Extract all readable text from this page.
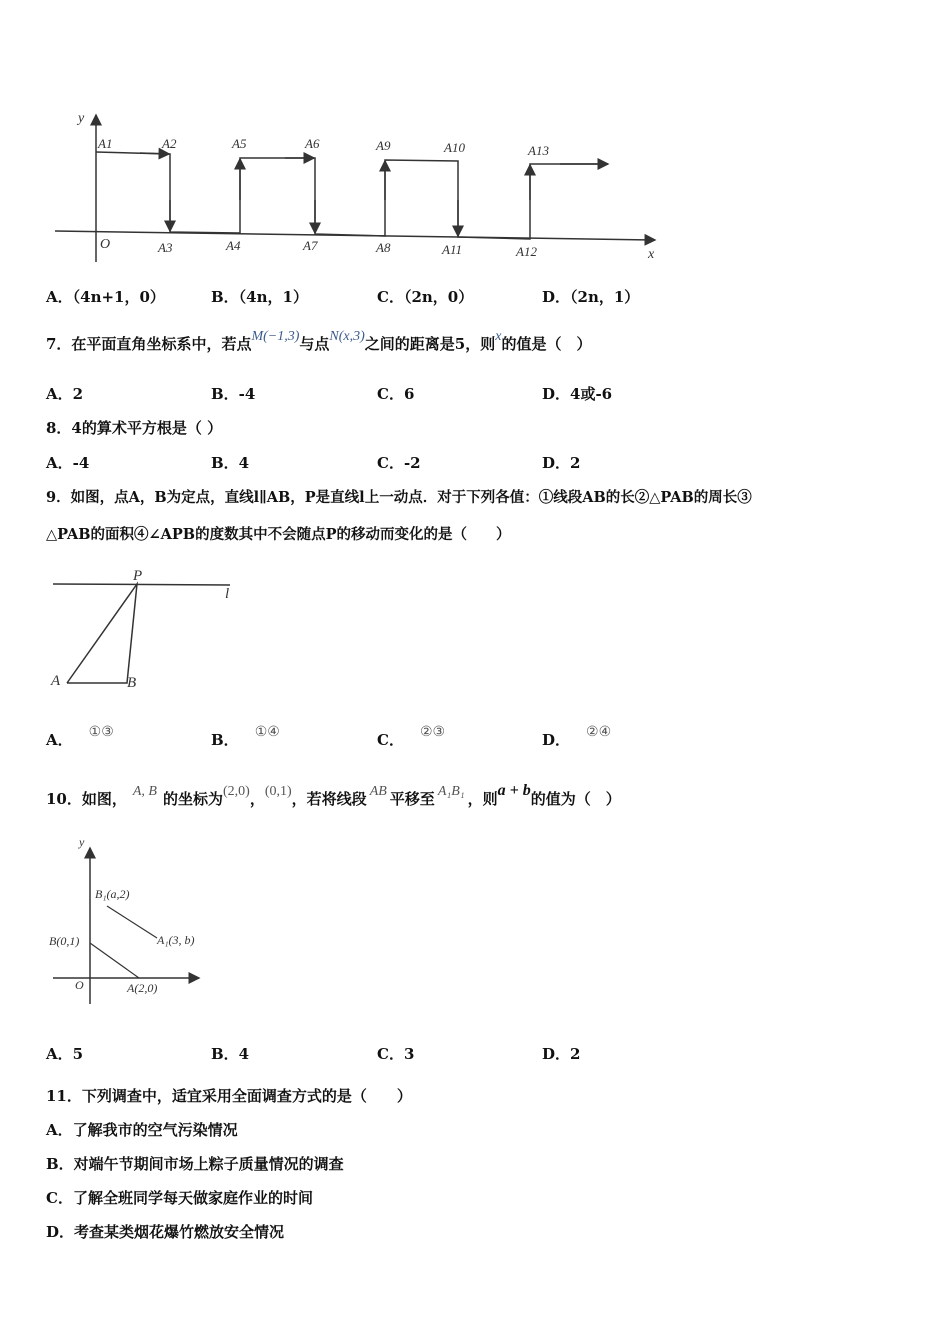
y
x
O
A1	A2
A3	A4
A5	A6
A7	A8
A9	A10
A11	A12
A13
A．（4n+1，0）	B．（4n，1）	C．（2n，0）	D．（2n，1）
7．在平面直角坐标系中，若点M(−1,3)与点N(x,3)之间的距离是5，则x的值是（　）
A．2	B．-4	C．6	D．4或-6
8．4的算术平方根是（ ）
A．-4	B．4	C．-2	D．2
9．如图，点A，B为定点，直线l∥AB，P是直线l上一动点．对于下列各值：①线段AB的长②△PAB的周长③
△PAB的面积④∠APB的度数其中不会随点P的移动而变化的是（　　）
P
l
A	B
A． ①③	B． ①④	C． ②③	D． ②④
10．如图， A, B 的坐标为(2,0)，(0,1)，若将线段 AB 平移至 A₁B₁ ，则a + b的值为（　）
y
O
B₁(a,2)
A₁(3, b)
B(0,1)
A(2,0)
A．5	B．4	C．3	D．2
11．下列调查中，适宜采用全面调查方式的是（　　）
A．了解我市的空气污染情况
B．对端午节期间市场上粽子质量情况的调查
C．了解全班同学每天做家庭作业的时间
D．考查某类烟花爆竹燃放安全情况
